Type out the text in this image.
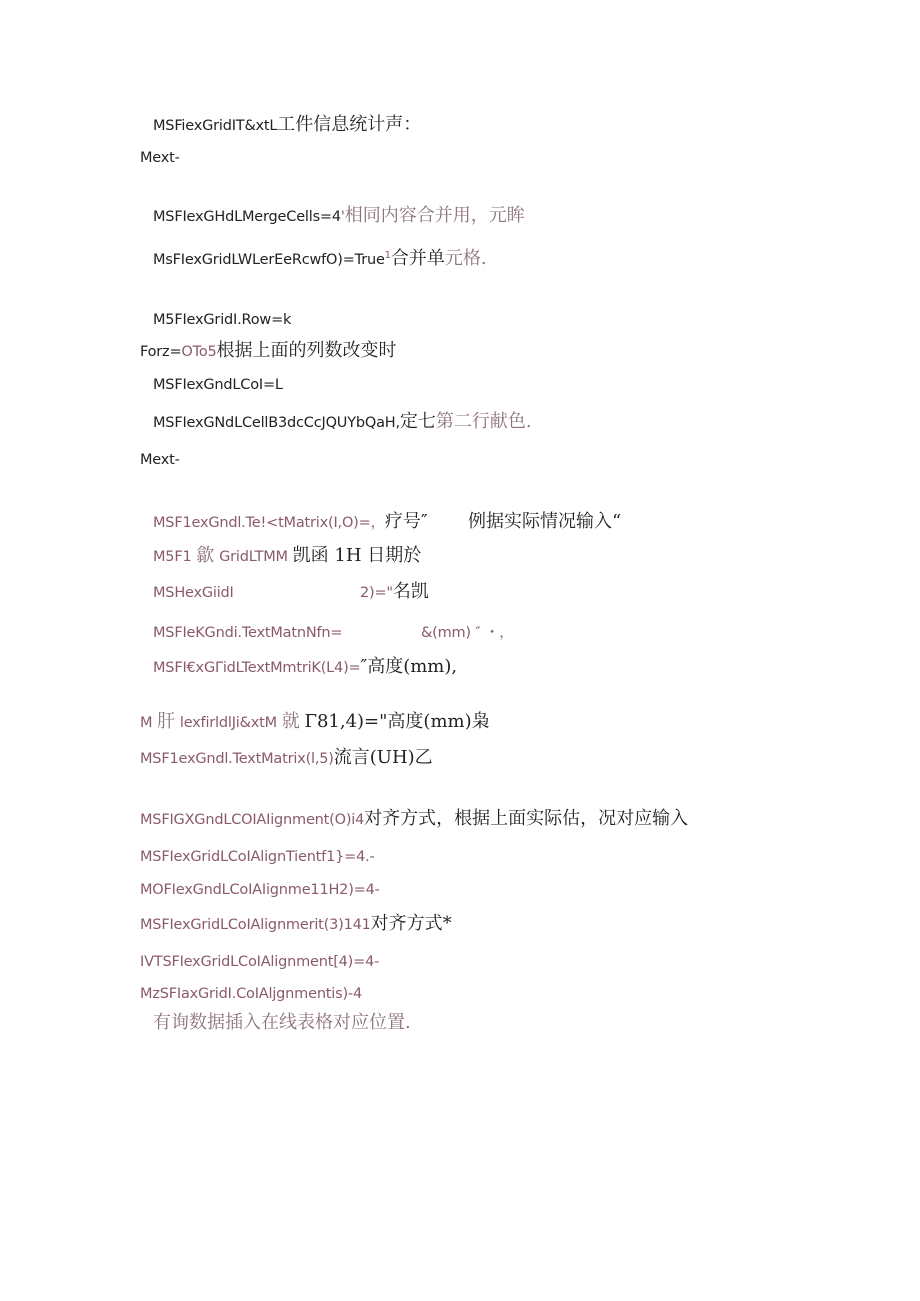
MSFiexGridIT&xtL工件信息统计声：
Mext-
MSFIexGHdLMergeCells=4'相同内容合并用，元眸
MsFIexGridLWLerEeRcwfO)=True$^1$合并单元格.
M5FIexGridI.Row=k
Forz=OTo5根据上面的列数改变时
MSFIexGndLCoI=L
MSFIexGNdLCellB3dcCcJQUYbQaH,定七第二行献色.
Mext-
MSF1exGndl.Te!<tMatrix(I,O)=，疗号″ 例据实际情况输入“
M5F1 歙 GridLTMM 凯函 1H 日期於
MSHexGiidI	2)="名凯
MSFIeKGndi.TextMatnNfn=	&(mm) ″ ・，
MSFI€xGΓidLTextMmtriK(L4)=″高度(mm),
M 肝 lexfirldlJi&xtM 就 Γ81,4)="高度(mm)枭
MSF1exGndl.TextMatrix(l,5)流言(UH)乙
MSFIGXGndLCOIAIignment(O)i4对齐方式，根据上面实际估，况对应输入
MSFIexGridLCoIAlignTientf1}=4.-
MOFIexGndLCoIAIignme11H2)=4-
MSFIexGridLCoIAlignmerit(3)141对齐方式*
IVTSFIexGridLCoIAlignment[4)=4-
MzSFIaxGridI.CoIAljgnmentis)-4
有询数据插入在线表格对应位置.
